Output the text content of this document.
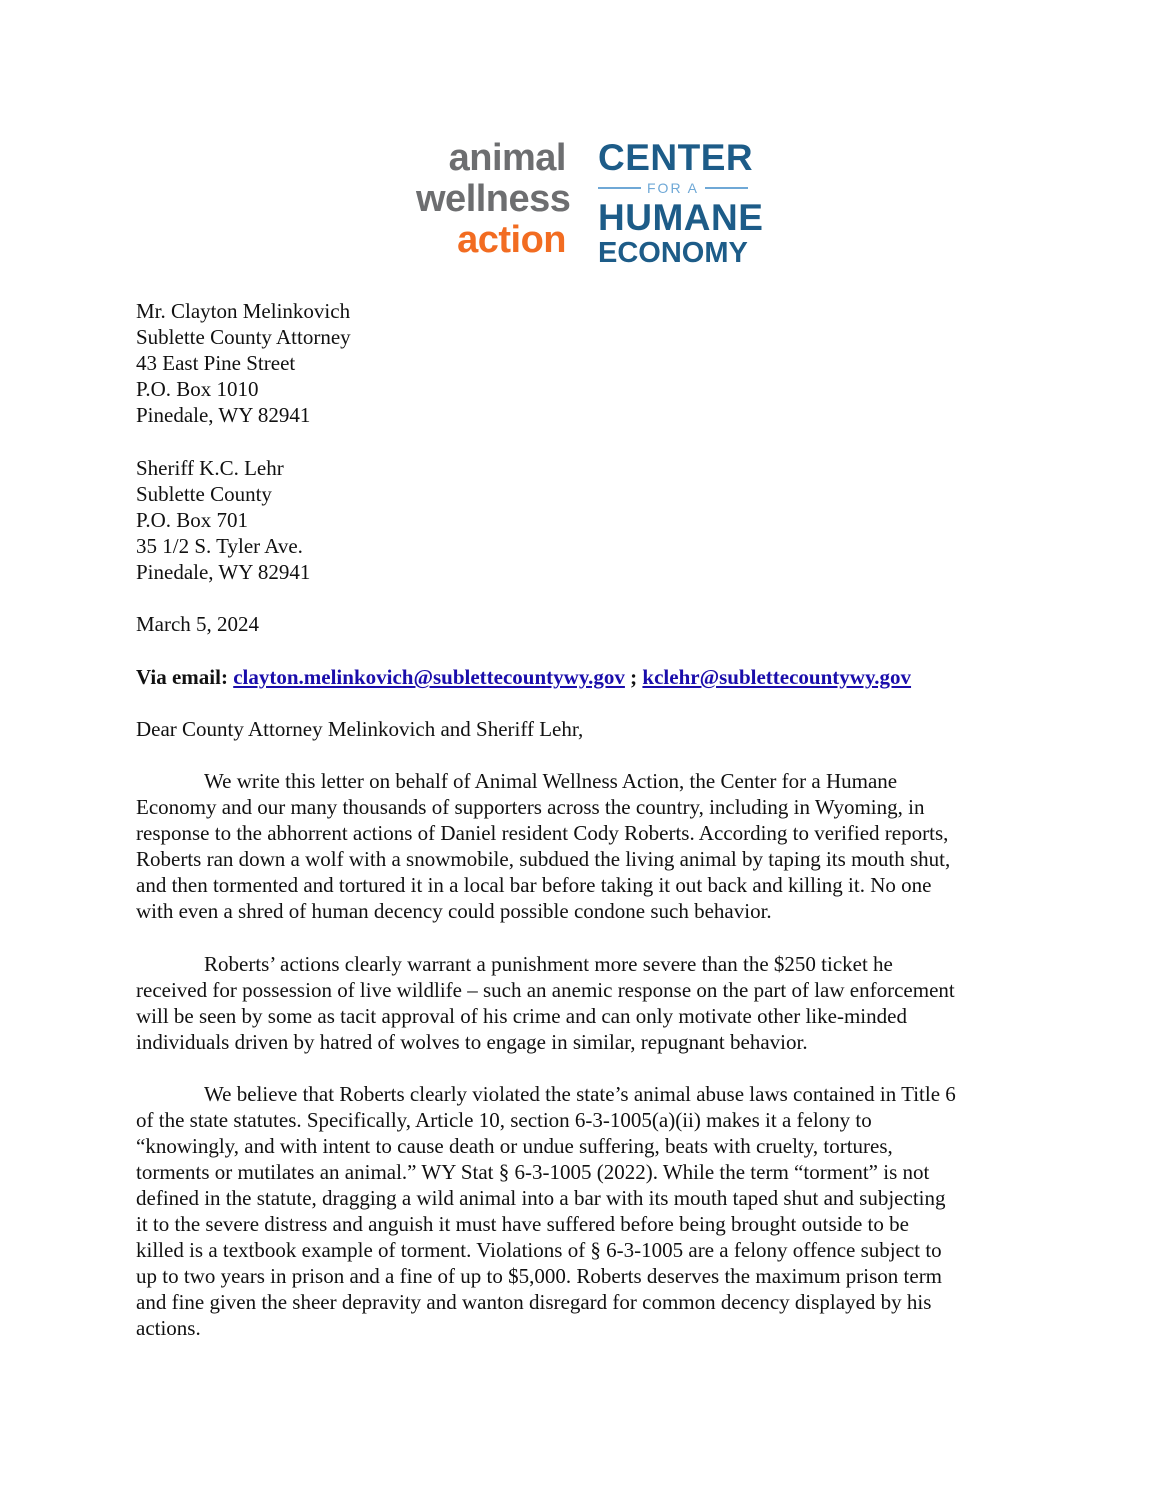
animal
wellness
action
CENTER
FOR A
HUMANE
ECONOMY
Mr. Clayton Melinkovich
Sublette County Attorney
43 East Pine Street
P.O. Box 1010
Pinedale, WY 82941
Sheriff K.C. Lehr
Sublette County
P.O. Box 701
35 1/2 S. Tyler Ave.
Pinedale, WY 82941
March 5, 2024
Via email: clayton.melinkovich@sublettecountywy.gov ; kclehr@sublettecountywy.gov
Dear County Attorney Melinkovich and Sheriff Lehr,
We write this letter on behalf of Animal Wellness Action, the Center for a Humane
Economy and our many thousands of supporters across the country, including in Wyoming, in
response to the abhorrent actions of Daniel resident Cody Roberts. According to verified reports,
Roberts ran down a wolf with a snowmobile, subdued the living animal by taping its mouth shut,
and then tormented and tortured it in a local bar before taking it out back and killing it. No one
with even a shred of human decency could possible condone such behavior.
Roberts’ actions clearly warrant a punishment more severe than the $250 ticket he
received for possession of live wildlife – such an anemic response on the part of law enforcement
will be seen by some as tacit approval of his crime and can only motivate other like-minded
individuals driven by hatred of wolves to engage in similar, repugnant behavior.
We believe that Roberts clearly violated the state’s animal abuse laws contained in Title 6
of the state statutes. Specifically, Article 10, section 6-3-1005(a)(ii) makes it a felony to
“knowingly, and with intent to cause death or undue suffering, beats with cruelty, tortures,
torments or mutilates an animal.” WY Stat § 6-3-1005 (2022). While the term “torment” is not
defined in the statute, dragging a wild animal into a bar with its mouth taped shut and subjecting
it to the severe distress and anguish it must have suffered before being brought outside to be
killed is a textbook example of torment. Violations of § 6-3-1005 are a felony offence subject to
up to two years in prison and a fine of up to $5,000. Roberts deserves the maximum prison term
and fine given the sheer depravity and wanton disregard for common decency displayed by his
actions.
